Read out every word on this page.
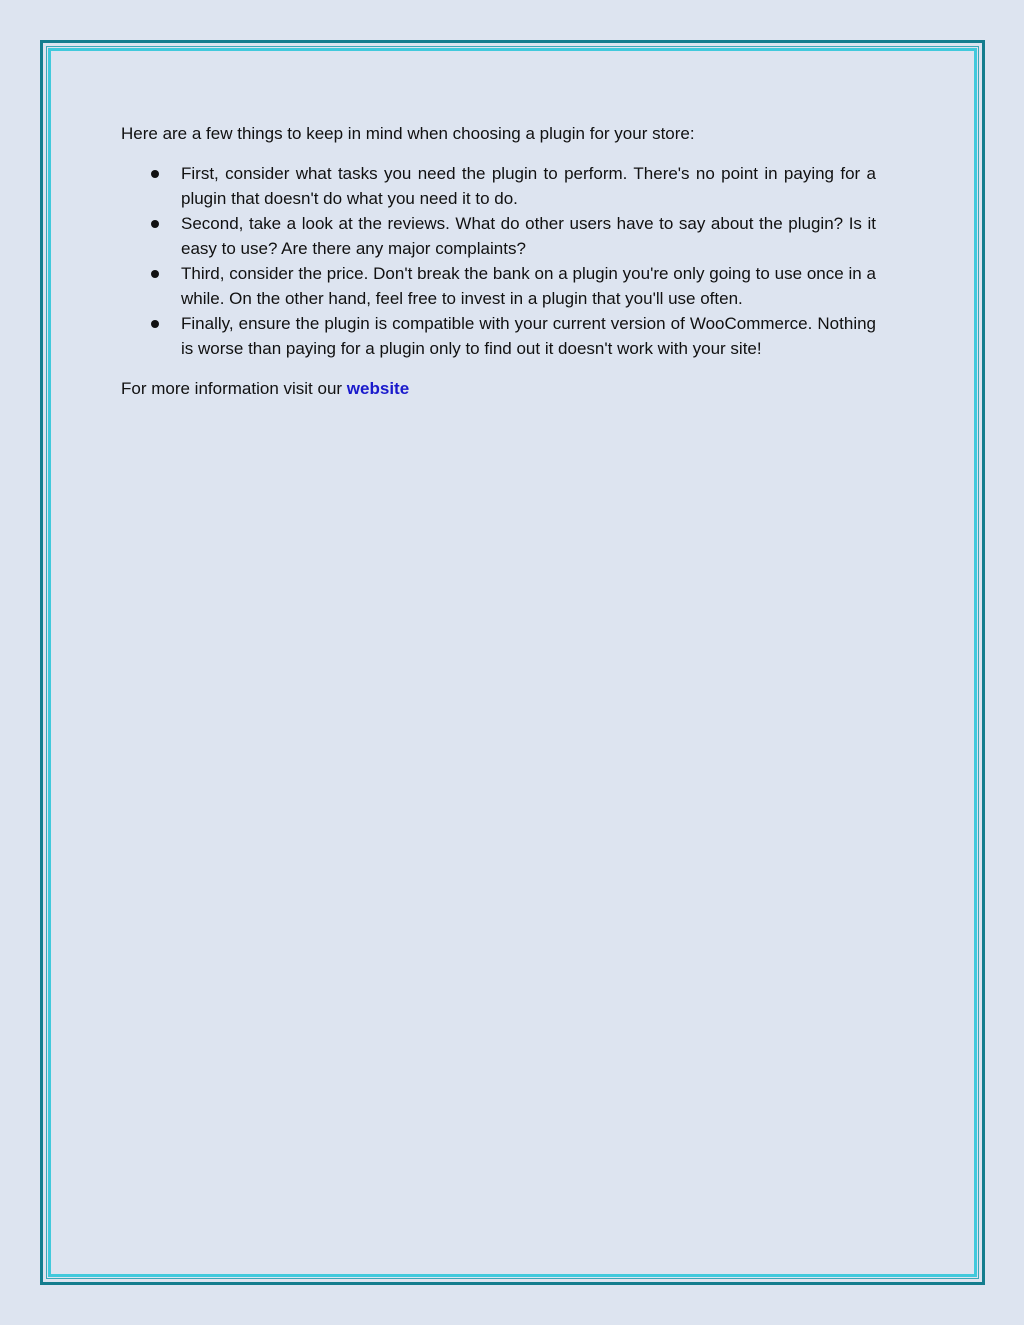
Here are a few things to keep in mind when choosing a plugin for your store:

First, consider what tasks you need the plugin to perform. There's no point in paying for a plugin that doesn't do what you need it to do.
Second, take a look at the reviews. What do other users have to say about the plugin? Is it easy to use? Are there any major complaints?
Third, consider the price. Don't break the bank on a plugin you're only going to use once in a while. On the other hand, feel free to invest in a plugin that you'll use often.
Finally, ensure the plugin is compatible with your current version of WooCommerce. Nothing is worse than paying for a plugin only to find out it doesn't work with your site!

For more information visit our website
